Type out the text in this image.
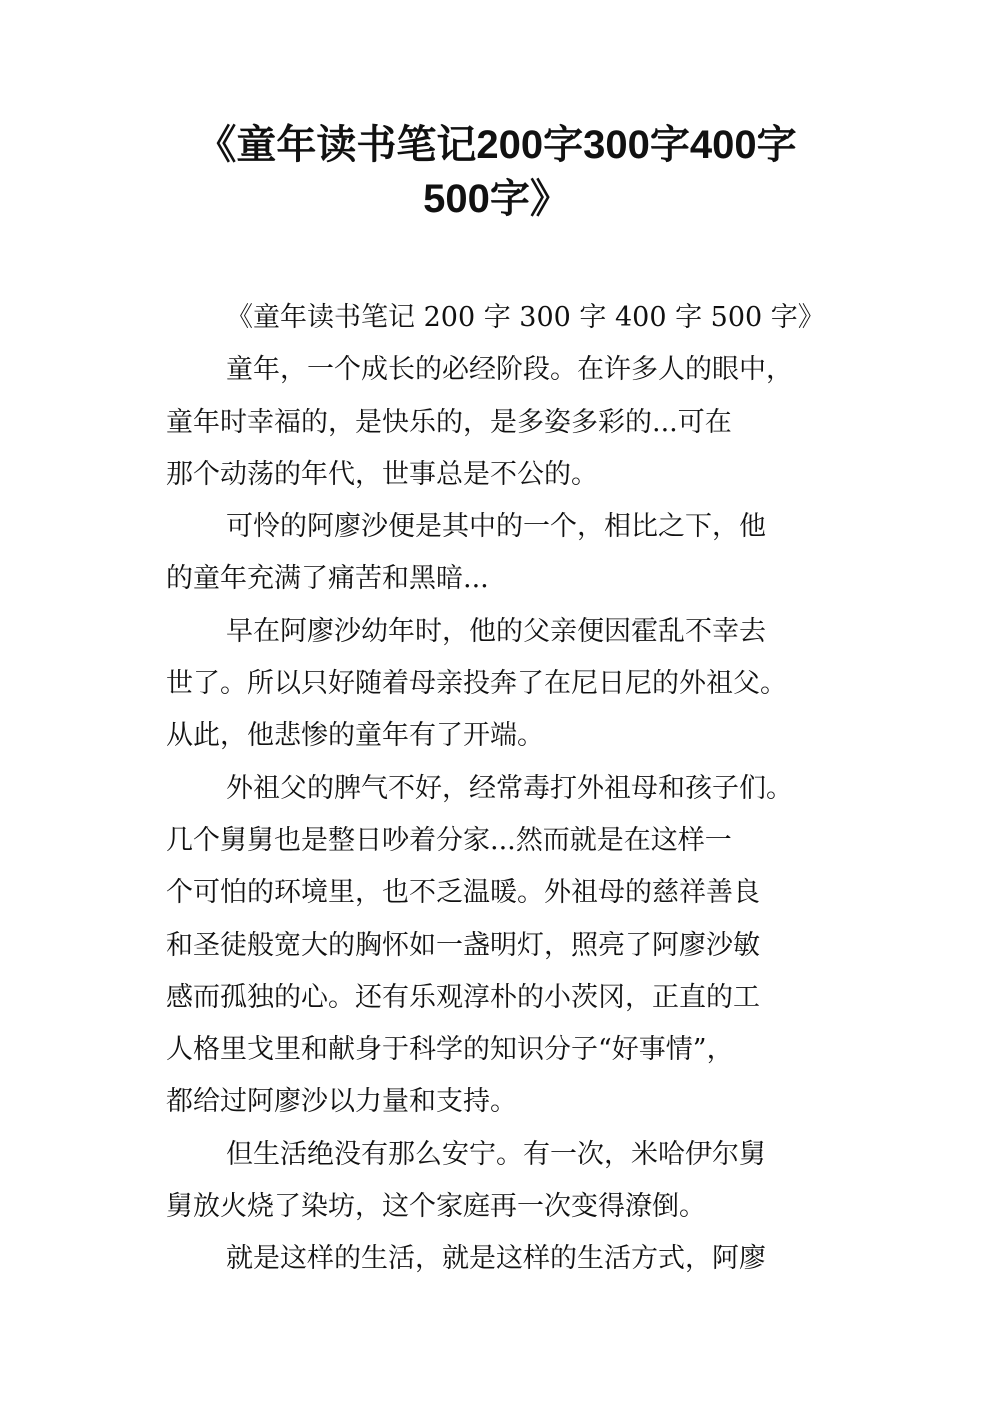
《童年读书笔记200字300字400字
500字》
《童年读书笔记 200 字 300 字 400 字 500 字》
童年，一个成长的必经阶段。在许多人的眼中，
童年时幸福的，是快乐的，是多姿多彩的...可在
那个动荡的年代，世事总是不公的。
可怜的阿廖沙便是其中的一个，相比之下，他
的童年充满了痛苦和黑暗...
早在阿廖沙幼年时，他的父亲便因霍乱不幸去
世了。所以只好随着母亲投奔了在尼日尼的外祖父。
从此，他悲惨的童年有了开端。
外祖父的脾气不好，经常毒打外祖母和孩子们。
几个舅舅也是整日吵着分家...然而就是在这样一
个可怕的环境里，也不乏温暖。外祖母的慈祥善良
和圣徒般宽大的胸怀如一盏明灯，照亮了阿廖沙敏
感而孤独的心。还有乐观淳朴的小茨冈，正直的工
人格里戈里和献身于科学的知识分子“好事情”，
都给过阿廖沙以力量和支持。
但生活绝没有那么安宁。有一次，米哈伊尔舅
舅放火烧了染坊，这个家庭再一次变得潦倒。
就是这样的生活，就是这样的生活方式，阿廖
